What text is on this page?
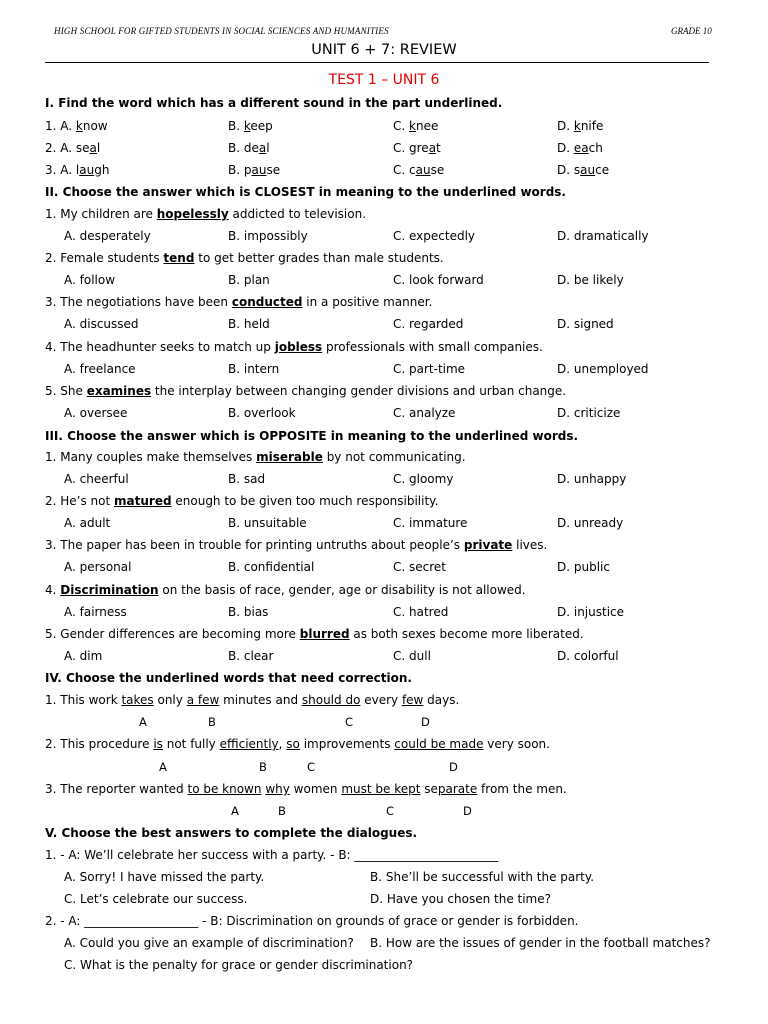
HIGH SCHOOL FOR GIFTED STUDENTS IN SOCIAL SCIENCES AND HUMANITIES	GRADE 10
UNIT 6 + 7: REVIEW
TEST 1 – UNIT 6
I. Find the word which has a different sound in the part underlined.
1. A. know	B. keep	C. knee	D. knife
2. A. seal	B. deal	C. great	D. each
3. A. laugh	B. pause	C. cause	D. sauce
II. Choose the answer which is CLOSEST in meaning to the underlined words.
1. My children are hopelessly addicted to television.
A. desperately	B. impossibly	C. expectedly	D. dramatically
2. Female students tend to get better grades than male students.
A. follow	B. plan	C. look forward	D. be likely
3. The negotiations have been conducted in a positive manner.
A. discussed	B. held	C. regarded	D. signed
4. The headhunter seeks to match up jobless professionals with small companies.
A. freelance	B. intern	C. part-time	D. unemployed
5. She examines the interplay between changing gender divisions and urban change.
A. oversee	B. overlook	C. analyze	D. criticize
III. Choose the answer which is OPPOSITE in meaning to the underlined words.
1. Many couples make themselves miserable by not communicating.
A. cheerful	B. sad	C. gloomy	D. unhappy
2. He’s not matured enough to be given too much responsibility.
A. adult	B. unsuitable	C. immature	D. unready
3. The paper has been in trouble for printing untruths about people’s private lives.
A. personal	B. confidential	C. secret	D. public
4. Discrimination on the basis of race, gender, age or disability is not allowed.
A. fairness	B. bias	C. hatred	D. injustice
5. Gender differences are becoming more blurred as both sexes become more liberated.
A. dim	B. clear	C. dull	D. colorful
IV. Choose the underlined words that need correction.
1. This work takes only a few minutes and should do every few days.
A	B	C	D
2. This procedure is not fully efficiently, so improvements could be made very soon.
A	B	C	D
3. The reporter wanted to be known why women must be kept separate from the men.
A	B	C	D
V. Choose the best answers to complete the dialogues.
1. - A: We’ll celebrate her success with a party. - B: ________________________
A. Sorry! I have missed the party.	B. She’ll be successful with the party.
C. Let’s celebrate our success.	D. Have you chosen the time?
2. - A: ___________________ - B: Discrimination on grounds of grace or gender is forbidden.
A. Could you give an example of discrimination? B. How are the issues of gender in the football matches?
C. What is the penalty for grace or gender discrimination?
